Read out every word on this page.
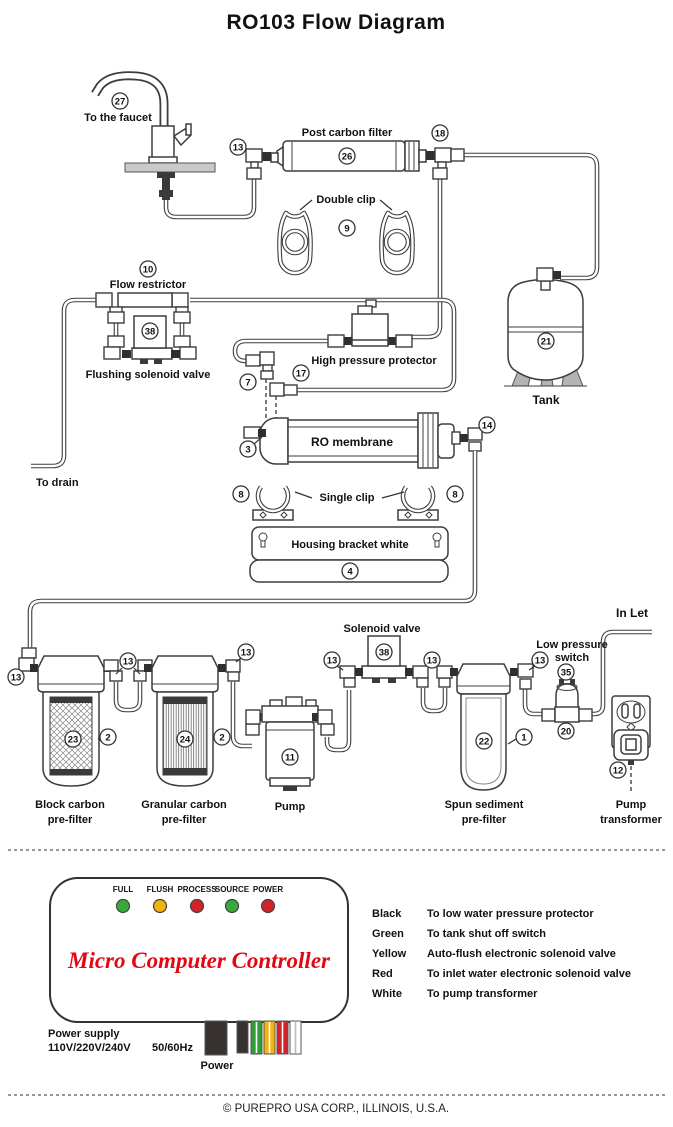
RO103 Flow Diagram
27
To the faucet
Post carbon filter
13
18
26
Double clip
9
21
Tank
10
Flow restrictor
38
Flushing solenoid valve
To drain
High pressure protector
7
17
RO membrane
3
14
Single clip
8	8
Housing bracket white
4
13
23	2
Block carbon
pre-filter
13
24	2
13
Granular carbon
pre-filter
11
Pump
Solenoid valve
38
13	13
22	1
13
Spun sediment
pre-filter
Low pressure
switch
35
20
In Let
12
Pump
transformer
FULL FLUSH PROCESS
SOURCE POWER
Micro Computer Controller
Power
Power supply
110V/220V/240V 50/60Hz
Black To low water pressure protector
Green To tank shut off switch
Yellow Auto-flush electronic solenoid valve
Red	To inlet water electronic solenoid valve
White To pump transformer
© PUREPRO USA CORP., ILLINOIS, U.S.A.
